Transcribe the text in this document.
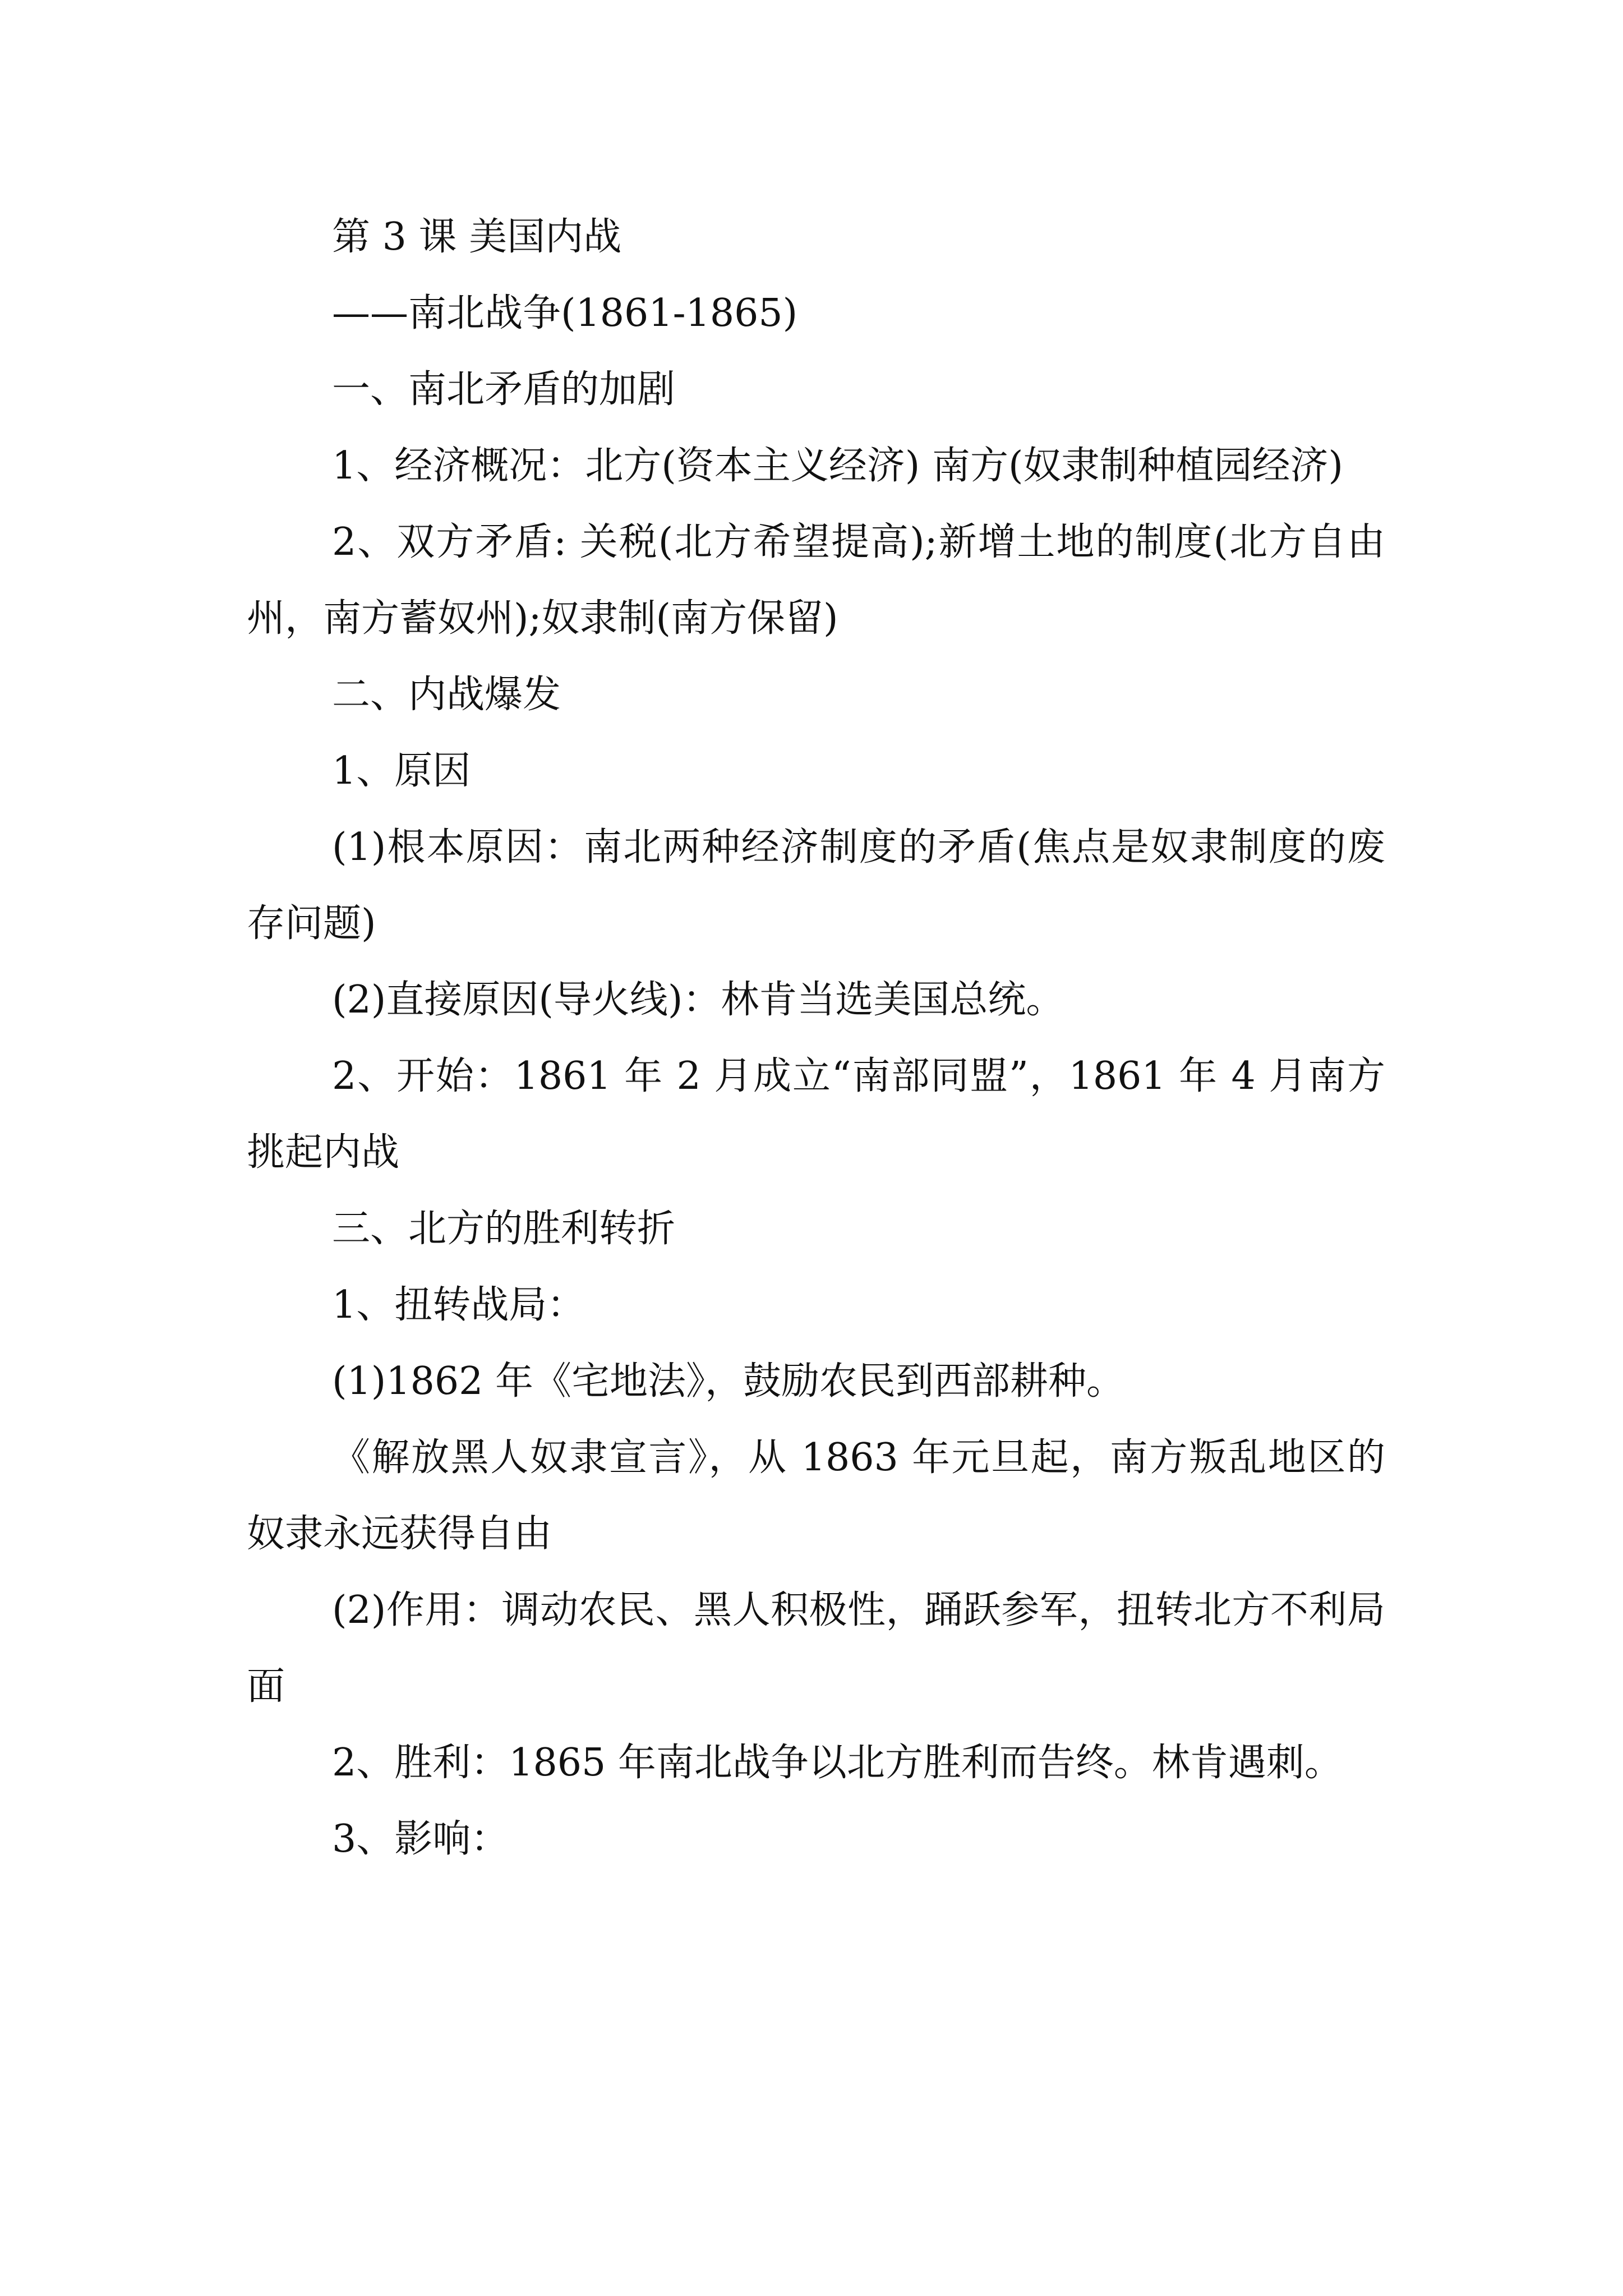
第 3 课 美国内战

——南北战争(1861-1865)

一、南北矛盾的加剧

1、经济概况：北方(资本主义经济) 南方(奴隶制种植园经济)

2、双方矛盾: 关税(北方希望提高);新增土地的制度(北方自由州，南方蓄奴州);奴隶制(南方保留)

二、内战爆发

1、原因

(1)根本原因：南北两种经济制度的矛盾(焦点是奴隶制度的废存问题)

(2)直接原因(导火线)：林肯当选美国总统。

2、开始：1861 年 2 月成立“南部同盟”，1861 年 4 月南方挑起内战

三、北方的胜利转折

1、扭转战局：

(1)1862 年《宅地法》，鼓励农民到西部耕种。

《解放黑人奴隶宣言》，从 1863 年元旦起，南方叛乱地区的奴隶永远获得自由

(2)作用：调动农民、黑人积极性，踊跃参军，扭转北方不利局面

2、胜利：1865 年南北战争以北方胜利而告终。林肯遇刺。

3、影响：
